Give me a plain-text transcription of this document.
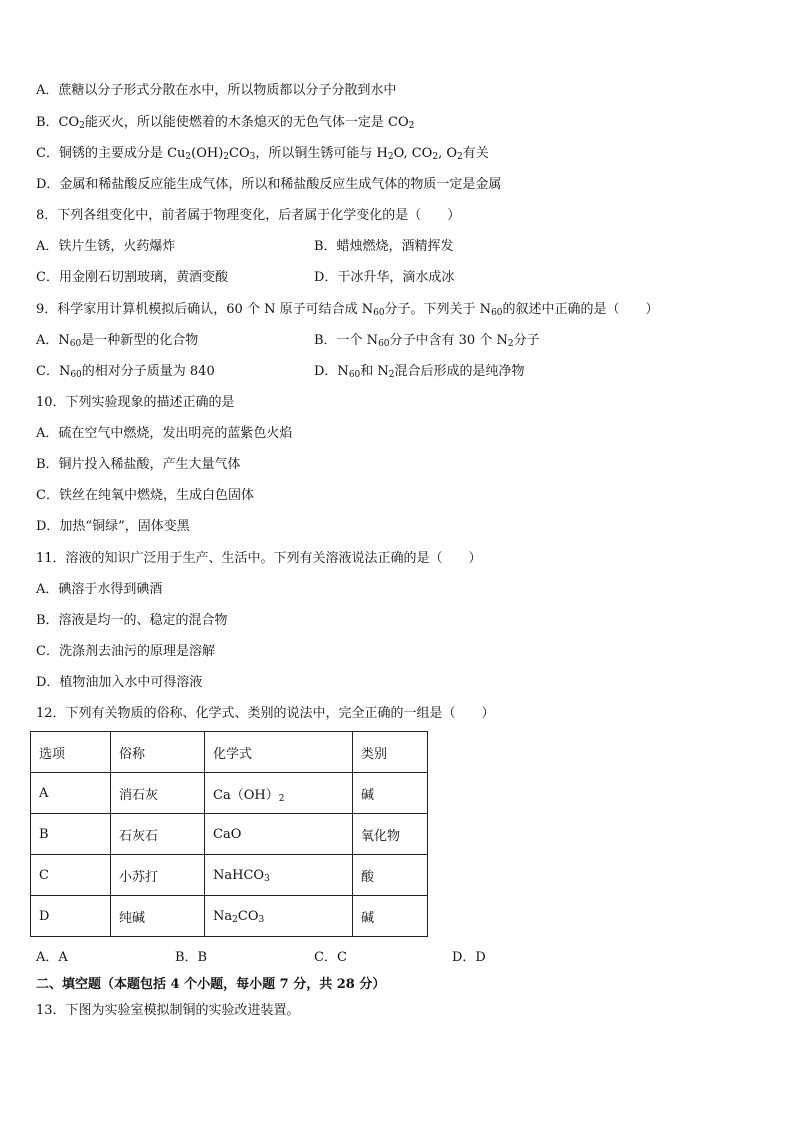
A．蔗糖以分子形式分散在水中，所以物质都以分子分散到水中
B．$CO_2$能灭火，所以能使燃着的木条熄灭的无色气体一定是 $CO_2$
C．铜锈的主要成分是 $Cu_2(OH)_2CO_3$，所以铜生锈可能与 $H_2O$, $CO_2$, $O_2$有关
D．金属和稀盐酸反应能生成气体，所以和稀盐酸反应生成气体的物质一定是金属
8．下列各组变化中，前者属于物理变化，后者属于化学变化的是（　　）
A．铁片生锈，火药爆炸	B．蜡烛燃烧，酒精挥发
C．用金刚石切割玻璃，黄酒变酸	D．干冰升华，滴水成冰
9．科学家用计算机模拟后确认，60 个 N 原子可结合成 $N_{60}$分子。下列关于 $N_{60}$的叙述中正确的是（　　）
A．$N_{60}$是一种新型的化合物	B．一个 $N_{60}$分子中含有 30 个 $N_2$分子
C．$N_{60}$的相对分子质量为 840	D．$N_{60}$和 $N_2$混合后形成的是纯净物
10．下列实验现象的描述正确的是
A．硫在空气中燃烧，发出明亮的蓝紫色火焰
B．铜片投入稀盐酸，产生大量气体
C．铁丝在纯氧中燃烧，生成白色固体
D．加热“铜绿”，固体变黑
11．溶液的知识广泛用于生产、生活中。下列有关溶液说法正确的是（　　）
A．碘溶于水得到碘酒
B．溶液是均一的、稳定的混合物
C．洗涤剂去油污的原理是溶解
D．植物油加入水中可得溶液
12．下列有关物质的俗称、化学式、类别的说法中，完全正确的一组是（　　）
选项	俗称	化学式	类别
A	消石灰	$Ca(OH)_2$	碱
B	石灰石	CaO	氧化物
C	小苏打	NaHCO$_3$	酸
D	纯碱	$Na_2CO_3$	碱
A．A	B．B	C．C	D．D
二、填空题（本题包括 4 个小题，每小题 7 分，共 28 分）
13．下图为实验室模拟制铜的实验改进装置。
